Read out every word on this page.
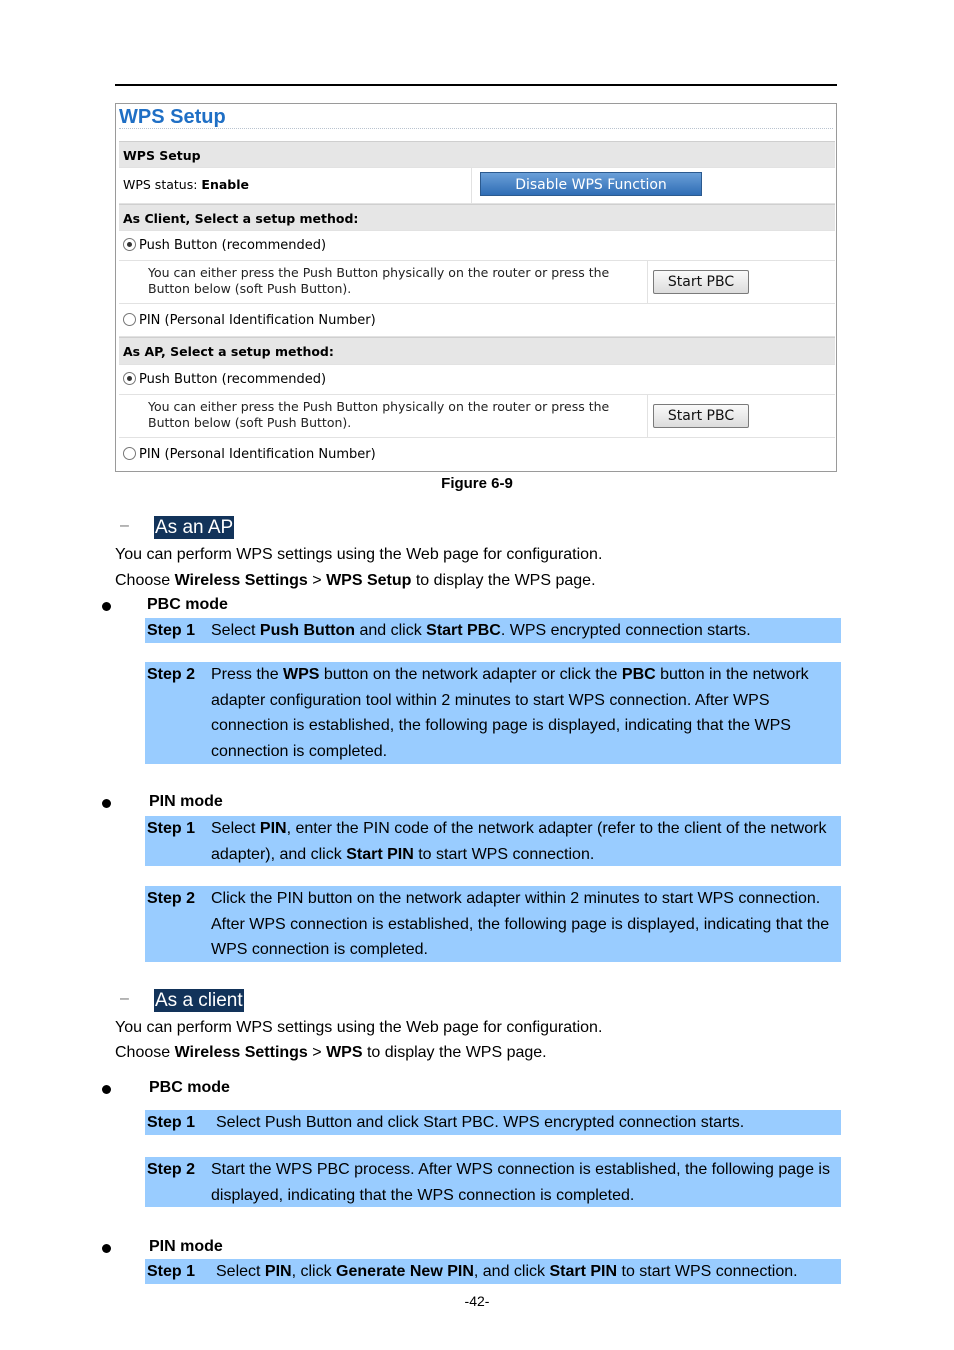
WPS Setup
WPS Setup
WPS status: Enable	Disable WPS Function
As Client, Select a setup method:
Push Button (recommended)
You can either press the Push Button physically on the router or press the Button below (soft Push Button).	Start PBC
PIN (Personal Identification Number)
As AP, Select a setup method:
Push Button (recommended)
You can either press the Push Button physically on the router or press the Button below (soft Push Button).	Start PBC
PIN (Personal Identification Number)
Figure 6-9
– As an AP
You can perform WPS settings using the Web page for configuration.
Choose Wireless Settings > WPS Setup to display the WPS page.
PBC mode
Step 1 Select Push Button and click Start PBC. WPS encrypted connection starts.
Step 2 Press the WPS button on the network adapter or click the PBC button in the network adapter configuration tool within 2 minutes to start WPS connection. After WPS connection is established, the following page is displayed, indicating that the WPS connection is completed.
PIN mode
Step 1 Select PIN, enter the PIN code of the network adapter (refer to the client of the network adapter), and click Start PIN to start WPS connection.
Step 2 Click the PIN button on the network adapter within 2 minutes to start WPS connection. After WPS connection is established, the following page is displayed, indicating that the WPS connection is completed.
– As a client
You can perform WPS settings using the Web page for configuration.
Choose Wireless Settings > WPS to display the WPS page.
PBC mode
Step 1 Select Push Button and click Start PBC. WPS encrypted connection starts.
Step 2 Start the WPS PBC process. After WPS connection is established, the following page is displayed, indicating that the WPS connection is completed.
PIN mode
Step 1 Select PIN, click Generate New PIN, and click Start PIN to start WPS connection.
-42-
